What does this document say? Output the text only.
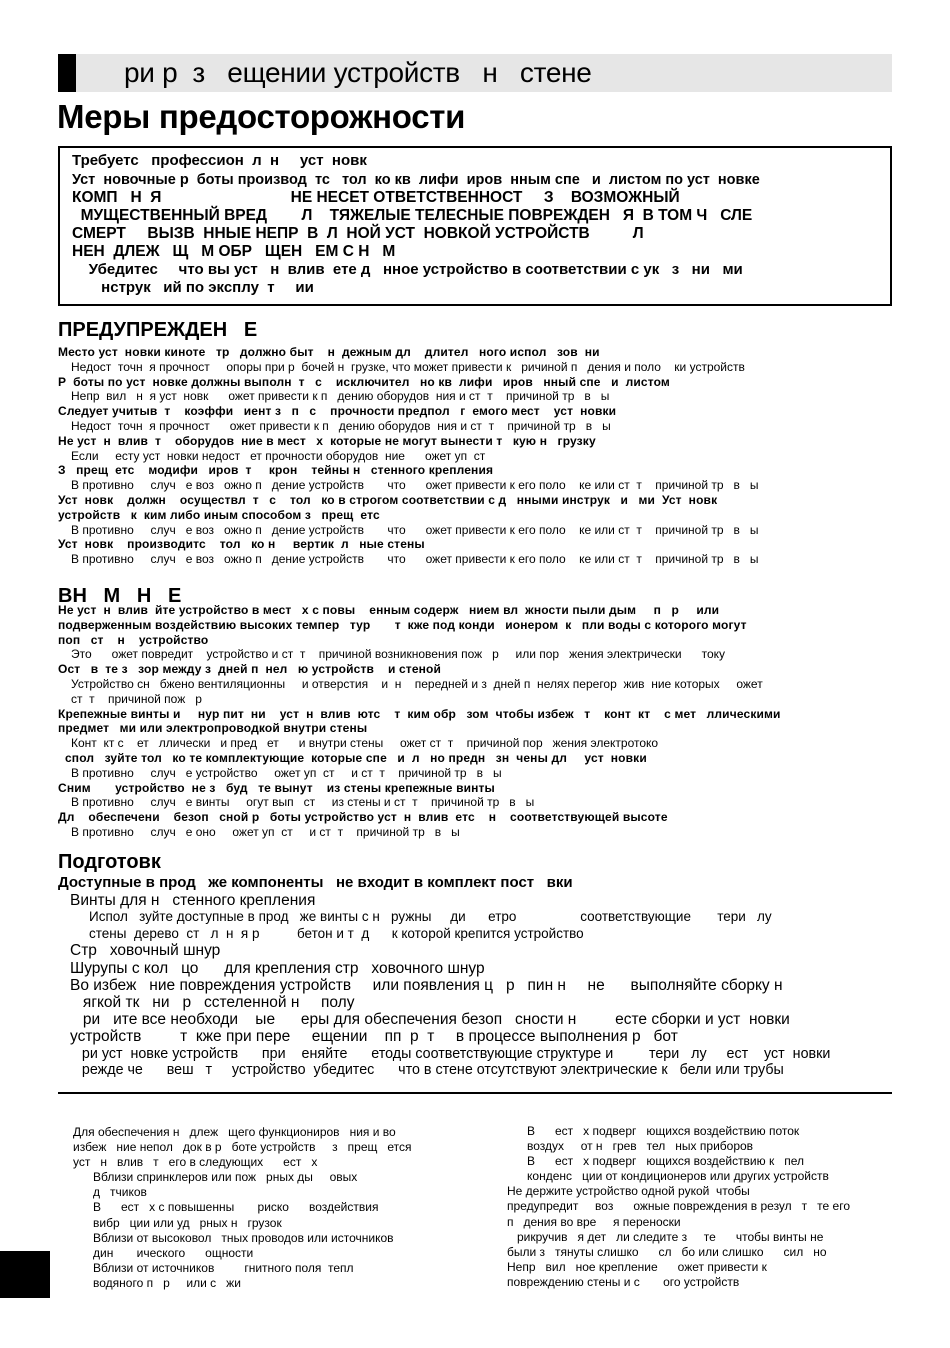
ри р  з   ещении устройств   н   стене
Меры предосторожности
Требуетс   профессион  л  н     уст  новк
Уст  новочные р  боты производ  тс   тол  ко кв  лифи  иров  нным спе   и  листом по уст  новке
КОМП   Н  Я                              НЕ НЕСЕТ ОТВЕТСТВЕННОСТ     З    ВОЗМОЖНЫЙ
МУЩЕСТВЕННЫЙ ВРЕД        Л    ТЯЖЕЛЫЕ ТЕЛЕСНЫЕ ПОВРЕЖДЕН   Я  В ТОМ Ч   СЛЕ
СМЕРТ     ВЫЗВ  ННЫЕ НЕПР  В  Л  НОЙ УСТ  НОВКОЙ УСТРОЙСТВ          Л
НЕН  ДЛЕЖ   Щ   М ОБР   ЩЕН   ЕМ С Н   М
Убедитес     что вы уст   н  влив  ете д   нное устройство в соответствии с ук   з   ни   ми
нструк   ий по эксплу  т     ии
ПРЕДУПРЕЖДЕН   Е
Место уст  новки киноте   тр   должно быт    н  дежным дл    длител   ного испол   зов  ни
Недост  точн  я прочност     опоры при р  бочей н  грузке, что может привести к   ричиной п   дения и поло    ки устройств
Р  боты по уст  новке должны выполн  т   с    исключител   но кв  лифи   иров   нный спе   и  листом
Непр  вил   н  я уст  новк      ожет привести к п   дению оборудов  ния и ст  т    причиной тр   в   ы
Следует учитыв  т    коэффи   иент з   п   с    прочности предпол   г  емого мест    уст  новки
Недост  точн  я прочност      ожет привести к п   дению оборудов  ния и ст  т    причиной тр   в   ы
Не уст  н  влив  т    оборудов  ние в мест   х  которые не могут вынести т   кую н   грузку
Если     есту уст  новки недост   ет прочности оборудов  ние      ожет уп  ст
З   прещ  етс    модифи   иров  т     крон    тейны н   стенного крепления
В противно     случ   е воз   ожно п   дение устройств       что      ожет привести к его поло    ке или ст  т    причиной тр   в   ы
Уст  новк    должн    осуществл  т   с    тол   ко в строгом соответствии с д   нными инструк   и   ми  Уст  новк
устройств   к  ким либо иным способом з   прещ  етс
В противно     случ   е воз   ожно п   дение устройств       что      ожет привести к его поло    ке или ст  т    причиной тр   в   ы
Уст  новк    производитс    тол   ко н     вертик  л   ные стены
В противно     случ   е воз   ожно п   дение устройств       что      ожет привести к его поло    ке или ст  т    причиной тр   в   ы
ВН   М   Н   Е
Не уст  н  влив  йте устройство в мест   х с повы    енным содерж   нием вл  жности пыли дым     п   р     или
подверженным воздействию высоких темпер   тур       т  кже под конди   ионером  к   пли воды с которого могут
поп   ст    н    устройство
Это      ожет повредит    устройство и ст  т    причиной возникновения пож   р     или пор   жения электрически      току
Ост   в  те з   зор между з  дней п  нел   ю устройств    и стеной
Устройство сн   бжено вентиляционны     и отверстия    и  н    передней и з  дней п  нелях перегор  жив  ние которых     ожет
ст  т    причиной пож   р
Крепежные винты и     нур пит  ни    уст  н  влив  ютс    т  ким обр   зом  чтобы избеж   т    конт  кт    с мет   ллическими
предмет   ми или электропроводкой внутри стены
Конт  кт с    ет   ллически   и пред   ет      и внутри стены     ожет ст  т    причиной пор   жения электротоко
спол   зуйте тол   ко те комплектующие  которые спе   и  л   но предн   зн  чены дл     уст  новки
В противно     случ   е устройство     ожет уп  ст     и ст  т    причиной тр   в   ы
Сним       устройство  не з   буд   те вынут    из стены крепежные винты
В противно     случ   е винты     огут вып   ст     из стены и ст  т    причиной тр   в   ы
Дл    обеспечени    безоп   сной р   боты устройство уст  н  влив  етс    н    соответствующей высоте
В противно     случ   е оно     ожет уп  ст     и ст  т    причиной тр   в   ы
Подготовк
Доступные в прод   же компоненты   не входит в комплект пост   вки
Винты для н   стенного крепления
Испол   зуйте доступные в прод   же винты с н   ружны     ди      етро                 соответствующие       тери   лу
стены  дерево  ст   л  н  я р          бетон и т  д      к которой крепится устройство
Стр   ховочный шнур
Шурупы с кол   цо      для крепления стр   ховочного шнур
Во избеж   ние повреждения устройств     или появления ц   р   пин н     не      выполняйте сборку н
ягкой тк   ни   р   сстеленной н     полу
ри   ите все необходи    ые      еры для обеспечения безоп   сности н         есте сборки и уст  новки
устройств         т  кже при пере     ещении    пп  р  т     в процессе выполнения р   бот
ри уст  новке устройств      при    еняйте      етоды соответствующие структуре и         тери   лу     ест    уст  новки
режде че      веш   т     устройство  убедитес      что в стене отсутствуют электрические к   бели или трубы
Для обеспечения н   длеж   щего функциониров   ния и во
избеж   ние непол   док в р   боте устройств     з   прещ   ется
уст   н   влив   т   его в следующих      ест   х
Вблизи спринклеров или пож   рных ды     овых
д   тчиков
В      ест   х с повышенны       риско      воздействия
вибр   ции или уд   рных н   грузок
Вблизи от высоковол   тных проводов или источников
дин       ического      ощности
Вблизи от источников         гнитного поля  тепл
водяного п   р     или с   жи
В      ест   х подверг   ющихся воздействию поток
воздух     от н   грев   тел   ных приборов
В      ест   х подверг   ющихся воздействию к   пел
конденс   ции от кондиционеров или других устройств
Не держите устройство одной рукой  чтобы
предупредит     воз      ожные повреждения в резул   т   те его
п   дения во вре     я переноски
рикручив   я дет   ли следите з     те      чтобы винты не
были з   тянуты слишко      сл   бо или слишко      сил   но
Непр   вил   ное крепление      ожет привести к
повреждению стены и с       ого устройств
